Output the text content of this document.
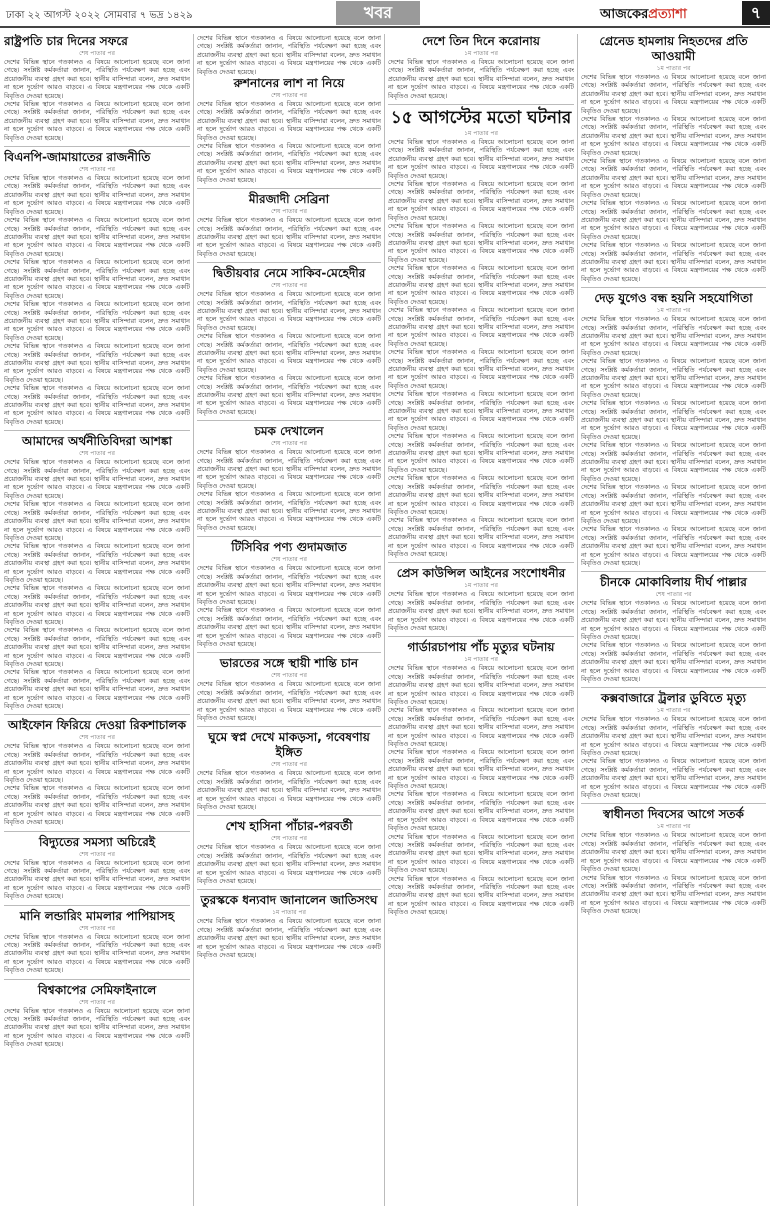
ঢাকা ২২ আগস্ট ২০২২ সোমবার ৭ ভদ্র ১৪২৯	খবর	আজকেরপ্রত্যাশা	৭
রাষ্ট্রপতি চার দিনের সফরে
শেষ পাতার পর
দেশের বিভিন্ন স্থানে গতকালও এ বিষয়ে আলোচনা হয়েছে বলে জানা গেছে। সংশ্লিষ্ট কর্মকর্তারা জানান, পরিস্থিতি পর্যবেক্ষণ করা হচ্ছে এবং প্রয়োজনীয় ব্যবস্থা গ্রহণ করা হবে। স্থানীয় বাসিন্দারা বলেন, দ্রুত সমাধান না হলে দুর্ভোগ আরও বাড়বে। এ বিষয়ে মন্ত্রণালয়ের পক্ষ থেকে একটি বিবৃতিও দেওয়া হয়েছে।
দেশের বিভিন্ন স্থানে গতকালও এ বিষয়ে আলোচনা হয়েছে বলে জানা গেছে। সংশ্লিষ্ট কর্মকর্তারা জানান, পরিস্থিতি পর্যবেক্ষণ করা হচ্ছে এবং প্রয়োজনীয় ব্যবস্থা গ্রহণ করা হবে। স্থানীয় বাসিন্দারা বলেন, দ্রুত সমাধান না হলে দুর্ভোগ আরও বাড়বে। এ বিষয়ে মন্ত্রণালয়ের পক্ষ থেকে একটি বিবৃতিও দেওয়া হয়েছে।
বিএনপি-জামায়াতের রাজনীতি
শেষ পাতার পর
দেশের বিভিন্ন স্থানে গতকালও এ বিষয়ে আলোচনা হয়েছে বলে জানা গেছে। সংশ্লিষ্ট কর্মকর্তারা জানান, পরিস্থিতি পর্যবেক্ষণ করা হচ্ছে এবং প্রয়োজনীয় ব্যবস্থা গ্রহণ করা হবে। স্থানীয় বাসিন্দারা বলেন, দ্রুত সমাধান না হলে দুর্ভোগ আরও বাড়বে। এ বিষয়ে মন্ত্রণালয়ের পক্ষ থেকে একটি বিবৃতিও দেওয়া হয়েছে।
দেশের বিভিন্ন স্থানে গতকালও এ বিষয়ে আলোচনা হয়েছে বলে জানা গেছে। সংশ্লিষ্ট কর্মকর্তারা জানান, পরিস্থিতি পর্যবেক্ষণ করা হচ্ছে এবং প্রয়োজনীয় ব্যবস্থা গ্রহণ করা হবে। স্থানীয় বাসিন্দারা বলেন, দ্রুত সমাধান না হলে দুর্ভোগ আরও বাড়বে। এ বিষয়ে মন্ত্রণালয়ের পক্ষ থেকে একটি বিবৃতিও দেওয়া হয়েছে।
দেশের বিভিন্ন স্থানে গতকালও এ বিষয়ে আলোচনা হয়েছে বলে জানা গেছে। সংশ্লিষ্ট কর্মকর্তারা জানান, পরিস্থিতি পর্যবেক্ষণ করা হচ্ছে এবং প্রয়োজনীয় ব্যবস্থা গ্রহণ করা হবে। স্থানীয় বাসিন্দারা বলেন, দ্রুত সমাধান না হলে দুর্ভোগ আরও বাড়বে। এ বিষয়ে মন্ত্রণালয়ের পক্ষ থেকে একটি বিবৃতিও দেওয়া হয়েছে।
দেশের বিভিন্ন স্থানে গতকালও এ বিষয়ে আলোচনা হয়েছে বলে জানা গেছে। সংশ্লিষ্ট কর্মকর্তারা জানান, পরিস্থিতি পর্যবেক্ষণ করা হচ্ছে এবং প্রয়োজনীয় ব্যবস্থা গ্রহণ করা হবে। স্থানীয় বাসিন্দারা বলেন, দ্রুত সমাধান না হলে দুর্ভোগ আরও বাড়বে। এ বিষয়ে মন্ত্রণালয়ের পক্ষ থেকে একটি বিবৃতিও দেওয়া হয়েছে।
দেশের বিভিন্ন স্থানে গতকালও এ বিষয়ে আলোচনা হয়েছে বলে জানা গেছে। সংশ্লিষ্ট কর্মকর্তারা জানান, পরিস্থিতি পর্যবেক্ষণ করা হচ্ছে এবং প্রয়োজনীয় ব্যবস্থা গ্রহণ করা হবে। স্থানীয় বাসিন্দারা বলেন, দ্রুত সমাধান না হলে দুর্ভোগ আরও বাড়বে। এ বিষয়ে মন্ত্রণালয়ের পক্ষ থেকে একটি বিবৃতিও দেওয়া হয়েছে।
দেশের বিভিন্ন স্থানে গতকালও এ বিষয়ে আলোচনা হয়েছে বলে জানা গেছে। সংশ্লিষ্ট কর্মকর্তারা জানান, পরিস্থিতি পর্যবেক্ষণ করা হচ্ছে এবং প্রয়োজনীয় ব্যবস্থা গ্রহণ করা হবে। স্থানীয় বাসিন্দারা বলেন, দ্রুত সমাধান না হলে দুর্ভোগ আরও বাড়বে। এ বিষয়ে মন্ত্রণালয়ের পক্ষ থেকে একটি বিবৃতিও দেওয়া হয়েছে।
আমাদের অর্থনীতিবিদরা আশঙ্কা
শেষ পাতার পর
দেশের বিভিন্ন স্থানে গতকালও এ বিষয়ে আলোচনা হয়েছে বলে জানা গেছে। সংশ্লিষ্ট কর্মকর্তারা জানান, পরিস্থিতি পর্যবেক্ষণ করা হচ্ছে এবং প্রয়োজনীয় ব্যবস্থা গ্রহণ করা হবে। স্থানীয় বাসিন্দারা বলেন, দ্রুত সমাধান না হলে দুর্ভোগ আরও বাড়বে। এ বিষয়ে মন্ত্রণালয়ের পক্ষ থেকে একটি বিবৃতিও দেওয়া হয়েছে।
দেশের বিভিন্ন স্থানে গতকালও এ বিষয়ে আলোচনা হয়েছে বলে জানা গেছে। সংশ্লিষ্ট কর্মকর্তারা জানান, পরিস্থিতি পর্যবেক্ষণ করা হচ্ছে এবং প্রয়োজনীয় ব্যবস্থা গ্রহণ করা হবে। স্থানীয় বাসিন্দারা বলেন, দ্রুত সমাধান না হলে দুর্ভোগ আরও বাড়বে। এ বিষয়ে মন্ত্রণালয়ের পক্ষ থেকে একটি বিবৃতিও দেওয়া হয়েছে।
দেশের বিভিন্ন স্থানে গতকালও এ বিষয়ে আলোচনা হয়েছে বলে জানা গেছে। সংশ্লিষ্ট কর্মকর্তারা জানান, পরিস্থিতি পর্যবেক্ষণ করা হচ্ছে এবং প্রয়োজনীয় ব্যবস্থা গ্রহণ করা হবে। স্থানীয় বাসিন্দারা বলেন, দ্রুত সমাধান না হলে দুর্ভোগ আরও বাড়বে। এ বিষয়ে মন্ত্রণালয়ের পক্ষ থেকে একটি বিবৃতিও দেওয়া হয়েছে।
দেশের বিভিন্ন স্থানে গতকালও এ বিষয়ে আলোচনা হয়েছে বলে জানা গেছে। সংশ্লিষ্ট কর্মকর্তারা জানান, পরিস্থিতি পর্যবেক্ষণ করা হচ্ছে এবং প্রয়োজনীয় ব্যবস্থা গ্রহণ করা হবে। স্থানীয় বাসিন্দারা বলেন, দ্রুত সমাধান না হলে দুর্ভোগ আরও বাড়বে। এ বিষয়ে মন্ত্রণালয়ের পক্ষ থেকে একটি বিবৃতিও দেওয়া হয়েছে।
দেশের বিভিন্ন স্থানে গতকালও এ বিষয়ে আলোচনা হয়েছে বলে জানা গেছে। সংশ্লিষ্ট কর্মকর্তারা জানান, পরিস্থিতি পর্যবেক্ষণ করা হচ্ছে এবং প্রয়োজনীয় ব্যবস্থা গ্রহণ করা হবে। স্থানীয় বাসিন্দারা বলেন, দ্রুত সমাধান না হলে দুর্ভোগ আরও বাড়বে। এ বিষয়ে মন্ত্রণালয়ের পক্ষ থেকে একটি বিবৃতিও দেওয়া হয়েছে।
দেশের বিভিন্ন স্থানে গতকালও এ বিষয়ে আলোচনা হয়েছে বলে জানা গেছে। সংশ্লিষ্ট কর্মকর্তারা জানান, পরিস্থিতি পর্যবেক্ষণ করা হচ্ছে এবং প্রয়োজনীয় ব্যবস্থা গ্রহণ করা হবে। স্থানীয় বাসিন্দারা বলেন, দ্রুত সমাধান না হলে দুর্ভোগ আরও বাড়বে। এ বিষয়ে মন্ত্রণালয়ের পক্ষ থেকে একটি বিবৃতিও দেওয়া হয়েছে।
আইফোন ফিরিয়ে দেওয়া রিকশাচালক
শেষ পাতার পর
দেশের বিভিন্ন স্থানে গতকালও এ বিষয়ে আলোচনা হয়েছে বলে জানা গেছে। সংশ্লিষ্ট কর্মকর্তারা জানান, পরিস্থিতি পর্যবেক্ষণ করা হচ্ছে এবং প্রয়োজনীয় ব্যবস্থা গ্রহণ করা হবে। স্থানীয় বাসিন্দারা বলেন, দ্রুত সমাধান না হলে দুর্ভোগ আরও বাড়বে। এ বিষয়ে মন্ত্রণালয়ের পক্ষ থেকে একটি বিবৃতিও দেওয়া হয়েছে।
দেশের বিভিন্ন স্থানে গতকালও এ বিষয়ে আলোচনা হয়েছে বলে জানা গেছে। সংশ্লিষ্ট কর্মকর্তারা জানান, পরিস্থিতি পর্যবেক্ষণ করা হচ্ছে এবং প্রয়োজনীয় ব্যবস্থা গ্রহণ করা হবে। স্থানীয় বাসিন্দারা বলেন, দ্রুত সমাধান না হলে দুর্ভোগ আরও বাড়বে। এ বিষয়ে মন্ত্রণালয়ের পক্ষ থেকে একটি বিবৃতিও দেওয়া হয়েছে।
বিদ্যুতের সমস্যা অচিরেই
শেষ পাতার পর
দেশের বিভিন্ন স্থানে গতকালও এ বিষয়ে আলোচনা হয়েছে বলে জানা গেছে। সংশ্লিষ্ট কর্মকর্তারা জানান, পরিস্থিতি পর্যবেক্ষণ করা হচ্ছে এবং প্রয়োজনীয় ব্যবস্থা গ্রহণ করা হবে। স্থানীয় বাসিন্দারা বলেন, দ্রুত সমাধান না হলে দুর্ভোগ আরও বাড়বে। এ বিষয়ে মন্ত্রণালয়ের পক্ষ থেকে একটি বিবৃতিও দেওয়া হয়েছে।
মানি লন্ডারিং মামলার পাপিয়াসহ
শেষ পাতার পর
দেশের বিভিন্ন স্থানে গতকালও এ বিষয়ে আলোচনা হয়েছে বলে জানা গেছে। সংশ্লিষ্ট কর্মকর্তারা জানান, পরিস্থিতি পর্যবেক্ষণ করা হচ্ছে এবং প্রয়োজনীয় ব্যবস্থা গ্রহণ করা হবে। স্থানীয় বাসিন্দারা বলেন, দ্রুত সমাধান না হলে দুর্ভোগ আরও বাড়বে। এ বিষয়ে মন্ত্রণালয়ের পক্ষ থেকে একটি বিবৃতিও দেওয়া হয়েছে।
বিশ্বকাপের সেমিফাইনালে
শেষ পাতার পর
দেশের বিভিন্ন স্থানে গতকালও এ বিষয়ে আলোচনা হয়েছে বলে জানা গেছে। সংশ্লিষ্ট কর্মকর্তারা জানান, পরিস্থিতি পর্যবেক্ষণ করা হচ্ছে এবং প্রয়োজনীয় ব্যবস্থা গ্রহণ করা হবে। স্থানীয় বাসিন্দারা বলেন, দ্রুত সমাধান না হলে দুর্ভোগ আরও বাড়বে। এ বিষয়ে মন্ত্রণালয়ের পক্ষ থেকে একটি বিবৃতিও দেওয়া হয়েছে।
দেশের বিভিন্ন স্থানে গতকালও এ বিষয়ে আলোচনা হয়েছে বলে জানা গেছে। সংশ্লিষ্ট কর্মকর্তারা জানান, পরিস্থিতি পর্যবেক্ষণ করা হচ্ছে এবং প্রয়োজনীয় ব্যবস্থা গ্রহণ করা হবে। স্থানীয় বাসিন্দারা বলেন, দ্রুত সমাধান না হলে দুর্ভোগ আরও বাড়বে। এ বিষয়ে মন্ত্রণালয়ের পক্ষ থেকে একটি বিবৃতিও দেওয়া হয়েছে।
রুশনানের লাশ না নিয়ে
শেষ পাতার পর
দেশের বিভিন্ন স্থানে গতকালও এ বিষয়ে আলোচনা হয়েছে বলে জানা গেছে। সংশ্লিষ্ট কর্মকর্তারা জানান, পরিস্থিতি পর্যবেক্ষণ করা হচ্ছে এবং প্রয়োজনীয় ব্যবস্থা গ্রহণ করা হবে। স্থানীয় বাসিন্দারা বলেন, দ্রুত সমাধান না হলে দুর্ভোগ আরও বাড়বে। এ বিষয়ে মন্ত্রণালয়ের পক্ষ থেকে একটি বিবৃতিও দেওয়া হয়েছে।
দেশের বিভিন্ন স্থানে গতকালও এ বিষয়ে আলোচনা হয়েছে বলে জানা গেছে। সংশ্লিষ্ট কর্মকর্তারা জানান, পরিস্থিতি পর্যবেক্ষণ করা হচ্ছে এবং প্রয়োজনীয় ব্যবস্থা গ্রহণ করা হবে। স্থানীয় বাসিন্দারা বলেন, দ্রুত সমাধান না হলে দুর্ভোগ আরও বাড়বে। এ বিষয়ে মন্ত্রণালয়ের পক্ষ থেকে একটি বিবৃতিও দেওয়া হয়েছে।
মীরজাদী সেব্রিনা
শেষ পাতার পর
দেশের বিভিন্ন স্থানে গতকালও এ বিষয়ে আলোচনা হয়েছে বলে জানা গেছে। সংশ্লিষ্ট কর্মকর্তারা জানান, পরিস্থিতি পর্যবেক্ষণ করা হচ্ছে এবং প্রয়োজনীয় ব্যবস্থা গ্রহণ করা হবে। স্থানীয় বাসিন্দারা বলেন, দ্রুত সমাধান না হলে দুর্ভোগ আরও বাড়বে। এ বিষয়ে মন্ত্রণালয়ের পক্ষ থেকে একটি বিবৃতিও দেওয়া হয়েছে।
দ্বিতীয়বার নেমে সাকিব-মেহেদীর
শেষ পাতার পর
দেশের বিভিন্ন স্থানে গতকালও এ বিষয়ে আলোচনা হয়েছে বলে জানা গেছে। সংশ্লিষ্ট কর্মকর্তারা জানান, পরিস্থিতি পর্যবেক্ষণ করা হচ্ছে এবং প্রয়োজনীয় ব্যবস্থা গ্রহণ করা হবে। স্থানীয় বাসিন্দারা বলেন, দ্রুত সমাধান না হলে দুর্ভোগ আরও বাড়বে। এ বিষয়ে মন্ত্রণালয়ের পক্ষ থেকে একটি বিবৃতিও দেওয়া হয়েছে।
দেশের বিভিন্ন স্থানে গতকালও এ বিষয়ে আলোচনা হয়েছে বলে জানা গেছে। সংশ্লিষ্ট কর্মকর্তারা জানান, পরিস্থিতি পর্যবেক্ষণ করা হচ্ছে এবং প্রয়োজনীয় ব্যবস্থা গ্রহণ করা হবে। স্থানীয় বাসিন্দারা বলেন, দ্রুত সমাধান না হলে দুর্ভোগ আরও বাড়বে। এ বিষয়ে মন্ত্রণালয়ের পক্ষ থেকে একটি বিবৃতিও দেওয়া হয়েছে।
দেশের বিভিন্ন স্থানে গতকালও এ বিষয়ে আলোচনা হয়েছে বলে জানা গেছে। সংশ্লিষ্ট কর্মকর্তারা জানান, পরিস্থিতি পর্যবেক্ষণ করা হচ্ছে এবং প্রয়োজনীয় ব্যবস্থা গ্রহণ করা হবে। স্থানীয় বাসিন্দারা বলেন, দ্রুত সমাধান না হলে দুর্ভোগ আরও বাড়বে। এ বিষয়ে মন্ত্রণালয়ের পক্ষ থেকে একটি বিবৃতিও দেওয়া হয়েছে।
চমক দেখালেন
শেষ পাতার পর
দেশের বিভিন্ন স্থানে গতকালও এ বিষয়ে আলোচনা হয়েছে বলে জানা গেছে। সংশ্লিষ্ট কর্মকর্তারা জানান, পরিস্থিতি পর্যবেক্ষণ করা হচ্ছে এবং প্রয়োজনীয় ব্যবস্থা গ্রহণ করা হবে। স্থানীয় বাসিন্দারা বলেন, দ্রুত সমাধান না হলে দুর্ভোগ আরও বাড়বে। এ বিষয়ে মন্ত্রণালয়ের পক্ষ থেকে একটি বিবৃতিও দেওয়া হয়েছে।
দেশের বিভিন্ন স্থানে গতকালও এ বিষয়ে আলোচনা হয়েছে বলে জানা গেছে। সংশ্লিষ্ট কর্মকর্তারা জানান, পরিস্থিতি পর্যবেক্ষণ করা হচ্ছে এবং প্রয়োজনীয় ব্যবস্থা গ্রহণ করা হবে। স্থানীয় বাসিন্দারা বলেন, দ্রুত সমাধান না হলে দুর্ভোগ আরও বাড়বে। এ বিষয়ে মন্ত্রণালয়ের পক্ষ থেকে একটি বিবৃতিও দেওয়া হয়েছে।
টিসিবির পণ্য গুদামজাত
শেষ পাতার পর
দেশের বিভিন্ন স্থানে গতকালও এ বিষয়ে আলোচনা হয়েছে বলে জানা গেছে। সংশ্লিষ্ট কর্মকর্তারা জানান, পরিস্থিতি পর্যবেক্ষণ করা হচ্ছে এবং প্রয়োজনীয় ব্যবস্থা গ্রহণ করা হবে। স্থানীয় বাসিন্দারা বলেন, দ্রুত সমাধান না হলে দুর্ভোগ আরও বাড়বে। এ বিষয়ে মন্ত্রণালয়ের পক্ষ থেকে একটি বিবৃতিও দেওয়া হয়েছে।
দেশের বিভিন্ন স্থানে গতকালও এ বিষয়ে আলোচনা হয়েছে বলে জানা গেছে। সংশ্লিষ্ট কর্মকর্তারা জানান, পরিস্থিতি পর্যবেক্ষণ করা হচ্ছে এবং প্রয়োজনীয় ব্যবস্থা গ্রহণ করা হবে। স্থানীয় বাসিন্দারা বলেন, দ্রুত সমাধান না হলে দুর্ভোগ আরও বাড়বে। এ বিষয়ে মন্ত্রণালয়ের পক্ষ থেকে একটি বিবৃতিও দেওয়া হয়েছে।
ভারতের সঙ্গে স্থায়ী শান্তি চান
শেষ পাতার পর
দেশের বিভিন্ন স্থানে গতকালও এ বিষয়ে আলোচনা হয়েছে বলে জানা গেছে। সংশ্লিষ্ট কর্মকর্তারা জানান, পরিস্থিতি পর্যবেক্ষণ করা হচ্ছে এবং প্রয়োজনীয় ব্যবস্থা গ্রহণ করা হবে। স্থানীয় বাসিন্দারা বলেন, দ্রুত সমাধান না হলে দুর্ভোগ আরও বাড়বে। এ বিষয়ে মন্ত্রণালয়ের পক্ষ থেকে একটি বিবৃতিও দেওয়া হয়েছে।
ঘুমে স্বপ্ন দেখে মাকড়সা, গবেষণায় ইঙ্গিত
শেষ পাতার পর
দেশের বিভিন্ন স্থানে গতকালও এ বিষয়ে আলোচনা হয়েছে বলে জানা গেছে। সংশ্লিষ্ট কর্মকর্তারা জানান, পরিস্থিতি পর্যবেক্ষণ করা হচ্ছে এবং প্রয়োজনীয় ব্যবস্থা গ্রহণ করা হবে। স্থানীয় বাসিন্দারা বলেন, দ্রুত সমাধান না হলে দুর্ভোগ আরও বাড়বে। এ বিষয়ে মন্ত্রণালয়ের পক্ষ থেকে একটি বিবৃতিও দেওয়া হয়েছে।
শেখ হাসিনা পাঁচার-পরবর্তী
শেষ পাতার পর
দেশের বিভিন্ন স্থানে গতকালও এ বিষয়ে আলোচনা হয়েছে বলে জানা গেছে। সংশ্লিষ্ট কর্মকর্তারা জানান, পরিস্থিতি পর্যবেক্ষণ করা হচ্ছে এবং প্রয়োজনীয় ব্যবস্থা গ্রহণ করা হবে। স্থানীয় বাসিন্দারা বলেন, দ্রুত সমাধান না হলে দুর্ভোগ আরও বাড়বে। এ বিষয়ে মন্ত্রণালয়ের পক্ষ থেকে একটি বিবৃতিও দেওয়া হয়েছে।
তুরস্ককে ধন্যবাদ জানালেন জাতিসংঘ
১ম পাতার পর
দেশের বিভিন্ন স্থানে গতকালও এ বিষয়ে আলোচনা হয়েছে বলে জানা গেছে। সংশ্লিষ্ট কর্মকর্তারা জানান, পরিস্থিতি পর্যবেক্ষণ করা হচ্ছে এবং প্রয়োজনীয় ব্যবস্থা গ্রহণ করা হবে। স্থানীয় বাসিন্দারা বলেন, দ্রুত সমাধান না হলে দুর্ভোগ আরও বাড়বে। এ বিষয়ে মন্ত্রণালয়ের পক্ষ থেকে একটি বিবৃতিও দেওয়া হয়েছে।
দেশে তিন দিনে করোনায়
১ম পাতার পর
দেশের বিভিন্ন স্থানে গতকালও এ বিষয়ে আলোচনা হয়েছে বলে জানা গেছে। সংশ্লিষ্ট কর্মকর্তারা জানান, পরিস্থিতি পর্যবেক্ষণ করা হচ্ছে এবং প্রয়োজনীয় ব্যবস্থা গ্রহণ করা হবে। স্থানীয় বাসিন্দারা বলেন, দ্রুত সমাধান না হলে দুর্ভোগ আরও বাড়বে। এ বিষয়ে মন্ত্রণালয়ের পক্ষ থেকে একটি বিবৃতিও দেওয়া হয়েছে।
১৫ আগস্টের মতো ঘটনার
১ম পাতার পর
দেশের বিভিন্ন স্থানে গতকালও এ বিষয়ে আলোচনা হয়েছে বলে জানা গেছে। সংশ্লিষ্ট কর্মকর্তারা জানান, পরিস্থিতি পর্যবেক্ষণ করা হচ্ছে এবং প্রয়োজনীয় ব্যবস্থা গ্রহণ করা হবে। স্থানীয় বাসিন্দারা বলেন, দ্রুত সমাধান না হলে দুর্ভোগ আরও বাড়বে। এ বিষয়ে মন্ত্রণালয়ের পক্ষ থেকে একটি বিবৃতিও দেওয়া হয়েছে।
দেশের বিভিন্ন স্থানে গতকালও এ বিষয়ে আলোচনা হয়েছে বলে জানা গেছে। সংশ্লিষ্ট কর্মকর্তারা জানান, পরিস্থিতি পর্যবেক্ষণ করা হচ্ছে এবং প্রয়োজনীয় ব্যবস্থা গ্রহণ করা হবে। স্থানীয় বাসিন্দারা বলেন, দ্রুত সমাধান না হলে দুর্ভোগ আরও বাড়বে। এ বিষয়ে মন্ত্রণালয়ের পক্ষ থেকে একটি বিবৃতিও দেওয়া হয়েছে।
দেশের বিভিন্ন স্থানে গতকালও এ বিষয়ে আলোচনা হয়েছে বলে জানা গেছে। সংশ্লিষ্ট কর্মকর্তারা জানান, পরিস্থিতি পর্যবেক্ষণ করা হচ্ছে এবং প্রয়োজনীয় ব্যবস্থা গ্রহণ করা হবে। স্থানীয় বাসিন্দারা বলেন, দ্রুত সমাধান না হলে দুর্ভোগ আরও বাড়বে। এ বিষয়ে মন্ত্রণালয়ের পক্ষ থেকে একটি বিবৃতিও দেওয়া হয়েছে।
দেশের বিভিন্ন স্থানে গতকালও এ বিষয়ে আলোচনা হয়েছে বলে জানা গেছে। সংশ্লিষ্ট কর্মকর্তারা জানান, পরিস্থিতি পর্যবেক্ষণ করা হচ্ছে এবং প্রয়োজনীয় ব্যবস্থা গ্রহণ করা হবে। স্থানীয় বাসিন্দারা বলেন, দ্রুত সমাধান না হলে দুর্ভোগ আরও বাড়বে। এ বিষয়ে মন্ত্রণালয়ের পক্ষ থেকে একটি বিবৃতিও দেওয়া হয়েছে।
দেশের বিভিন্ন স্থানে গতকালও এ বিষয়ে আলোচনা হয়েছে বলে জানা গেছে। সংশ্লিষ্ট কর্মকর্তারা জানান, পরিস্থিতি পর্যবেক্ষণ করা হচ্ছে এবং প্রয়োজনীয় ব্যবস্থা গ্রহণ করা হবে। স্থানীয় বাসিন্দারা বলেন, দ্রুত সমাধান না হলে দুর্ভোগ আরও বাড়বে। এ বিষয়ে মন্ত্রণালয়ের পক্ষ থেকে একটি বিবৃতিও দেওয়া হয়েছে।
দেশের বিভিন্ন স্থানে গতকালও এ বিষয়ে আলোচনা হয়েছে বলে জানা গেছে। সংশ্লিষ্ট কর্মকর্তারা জানান, পরিস্থিতি পর্যবেক্ষণ করা হচ্ছে এবং প্রয়োজনীয় ব্যবস্থা গ্রহণ করা হবে। স্থানীয় বাসিন্দারা বলেন, দ্রুত সমাধান না হলে দুর্ভোগ আরও বাড়বে। এ বিষয়ে মন্ত্রণালয়ের পক্ষ থেকে একটি বিবৃতিও দেওয়া হয়েছে।
দেশের বিভিন্ন স্থানে গতকালও এ বিষয়ে আলোচনা হয়েছে বলে জানা গেছে। সংশ্লিষ্ট কর্মকর্তারা জানান, পরিস্থিতি পর্যবেক্ষণ করা হচ্ছে এবং প্রয়োজনীয় ব্যবস্থা গ্রহণ করা হবে। স্থানীয় বাসিন্দারা বলেন, দ্রুত সমাধান না হলে দুর্ভোগ আরও বাড়বে। এ বিষয়ে মন্ত্রণালয়ের পক্ষ থেকে একটি বিবৃতিও দেওয়া হয়েছে।
দেশের বিভিন্ন স্থানে গতকালও এ বিষয়ে আলোচনা হয়েছে বলে জানা গেছে। সংশ্লিষ্ট কর্মকর্তারা জানান, পরিস্থিতি পর্যবেক্ষণ করা হচ্ছে এবং প্রয়োজনীয় ব্যবস্থা গ্রহণ করা হবে। স্থানীয় বাসিন্দারা বলেন, দ্রুত সমাধান না হলে দুর্ভোগ আরও বাড়বে। এ বিষয়ে মন্ত্রণালয়ের পক্ষ থেকে একটি বিবৃতিও দেওয়া হয়েছে।
দেশের বিভিন্ন স্থানে গতকালও এ বিষয়ে আলোচনা হয়েছে বলে জানা গেছে। সংশ্লিষ্ট কর্মকর্তারা জানান, পরিস্থিতি পর্যবেক্ষণ করা হচ্ছে এবং প্রয়োজনীয় ব্যবস্থা গ্রহণ করা হবে। স্থানীয় বাসিন্দারা বলেন, দ্রুত সমাধান না হলে দুর্ভোগ আরও বাড়বে। এ বিষয়ে মন্ত্রণালয়ের পক্ষ থেকে একটি বিবৃতিও দেওয়া হয়েছে।
দেশের বিভিন্ন স্থানে গতকালও এ বিষয়ে আলোচনা হয়েছে বলে জানা গেছে। সংশ্লিষ্ট কর্মকর্তারা জানান, পরিস্থিতি পর্যবেক্ষণ করা হচ্ছে এবং প্রয়োজনীয় ব্যবস্থা গ্রহণ করা হবে। স্থানীয় বাসিন্দারা বলেন, দ্রুত সমাধান না হলে দুর্ভোগ আরও বাড়বে। এ বিষয়ে মন্ত্রণালয়ের পক্ষ থেকে একটি বিবৃতিও দেওয়া হয়েছে।
প্রেস কাউন্সিল আইনের সংশোধনীর
১ম পাতার পর
দেশের বিভিন্ন স্থানে গতকালও এ বিষয়ে আলোচনা হয়েছে বলে জানা গেছে। সংশ্লিষ্ট কর্মকর্তারা জানান, পরিস্থিতি পর্যবেক্ষণ করা হচ্ছে এবং প্রয়োজনীয় ব্যবস্থা গ্রহণ করা হবে। স্থানীয় বাসিন্দারা বলেন, দ্রুত সমাধান না হলে দুর্ভোগ আরও বাড়বে। এ বিষয়ে মন্ত্রণালয়ের পক্ষ থেকে একটি বিবৃতিও দেওয়া হয়েছে।
গার্ডারচাপায় পাঁচ মৃত্যুর ঘটনায়
১ম পাতার পর
দেশের বিভিন্ন স্থানে গতকালও এ বিষয়ে আলোচনা হয়েছে বলে জানা গেছে। সংশ্লিষ্ট কর্মকর্তারা জানান, পরিস্থিতি পর্যবেক্ষণ করা হচ্ছে এবং প্রয়োজনীয় ব্যবস্থা গ্রহণ করা হবে। স্থানীয় বাসিন্দারা বলেন, দ্রুত সমাধান না হলে দুর্ভোগ আরও বাড়বে। এ বিষয়ে মন্ত্রণালয়ের পক্ষ থেকে একটি বিবৃতিও দেওয়া হয়েছে।
দেশের বিভিন্ন স্থানে গতকালও এ বিষয়ে আলোচনা হয়েছে বলে জানা গেছে। সংশ্লিষ্ট কর্মকর্তারা জানান, পরিস্থিতি পর্যবেক্ষণ করা হচ্ছে এবং প্রয়োজনীয় ব্যবস্থা গ্রহণ করা হবে। স্থানীয় বাসিন্দারা বলেন, দ্রুত সমাধান না হলে দুর্ভোগ আরও বাড়বে। এ বিষয়ে মন্ত্রণালয়ের পক্ষ থেকে একটি বিবৃতিও দেওয়া হয়েছে।
দেশের বিভিন্ন স্থানে গতকালও এ বিষয়ে আলোচনা হয়েছে বলে জানা গেছে। সংশ্লিষ্ট কর্মকর্তারা জানান, পরিস্থিতি পর্যবেক্ষণ করা হচ্ছে এবং প্রয়োজনীয় ব্যবস্থা গ্রহণ করা হবে। স্থানীয় বাসিন্দারা বলেন, দ্রুত সমাধান না হলে দুর্ভোগ আরও বাড়বে। এ বিষয়ে মন্ত্রণালয়ের পক্ষ থেকে একটি বিবৃতিও দেওয়া হয়েছে।
দেশের বিভিন্ন স্থানে গতকালও এ বিষয়ে আলোচনা হয়েছে বলে জানা গেছে। সংশ্লিষ্ট কর্মকর্তারা জানান, পরিস্থিতি পর্যবেক্ষণ করা হচ্ছে এবং প্রয়োজনীয় ব্যবস্থা গ্রহণ করা হবে। স্থানীয় বাসিন্দারা বলেন, দ্রুত সমাধান না হলে দুর্ভোগ আরও বাড়বে। এ বিষয়ে মন্ত্রণালয়ের পক্ষ থেকে একটি বিবৃতিও দেওয়া হয়েছে।
দেশের বিভিন্ন স্থানে গতকালও এ বিষয়ে আলোচনা হয়েছে বলে জানা গেছে। সংশ্লিষ্ট কর্মকর্তারা জানান, পরিস্থিতি পর্যবেক্ষণ করা হচ্ছে এবং প্রয়োজনীয় ব্যবস্থা গ্রহণ করা হবে। স্থানীয় বাসিন্দারা বলেন, দ্রুত সমাধান না হলে দুর্ভোগ আরও বাড়বে। এ বিষয়ে মন্ত্রণালয়ের পক্ষ থেকে একটি বিবৃতিও দেওয়া হয়েছে।
দেশের বিভিন্ন স্থানে গতকালও এ বিষয়ে আলোচনা হয়েছে বলে জানা গেছে। সংশ্লিষ্ট কর্মকর্তারা জানান, পরিস্থিতি পর্যবেক্ষণ করা হচ্ছে এবং প্রয়োজনীয় ব্যবস্থা গ্রহণ করা হবে। স্থানীয় বাসিন্দারা বলেন, দ্রুত সমাধান না হলে দুর্ভোগ আরও বাড়বে। এ বিষয়ে মন্ত্রণালয়ের পক্ষ থেকে একটি বিবৃতিও দেওয়া হয়েছে।
গ্রেনেড হামলায় নিহতদের প্রতি আওয়ামী
১ম পাতার পর
দেশের বিভিন্ন স্থানে গতকালও এ বিষয়ে আলোচনা হয়েছে বলে জানা গেছে। সংশ্লিষ্ট কর্মকর্তারা জানান, পরিস্থিতি পর্যবেক্ষণ করা হচ্ছে এবং প্রয়োজনীয় ব্যবস্থা গ্রহণ করা হবে। স্থানীয় বাসিন্দারা বলেন, দ্রুত সমাধান না হলে দুর্ভোগ আরও বাড়বে। এ বিষয়ে মন্ত্রণালয়ের পক্ষ থেকে একটি বিবৃতিও দেওয়া হয়েছে।
দেশের বিভিন্ন স্থানে গতকালও এ বিষয়ে আলোচনা হয়েছে বলে জানা গেছে। সংশ্লিষ্ট কর্মকর্তারা জানান, পরিস্থিতি পর্যবেক্ষণ করা হচ্ছে এবং প্রয়োজনীয় ব্যবস্থা গ্রহণ করা হবে। স্থানীয় বাসিন্দারা বলেন, দ্রুত সমাধান না হলে দুর্ভোগ আরও বাড়বে। এ বিষয়ে মন্ত্রণালয়ের পক্ষ থেকে একটি বিবৃতিও দেওয়া হয়েছে।
দেশের বিভিন্ন স্থানে গতকালও এ বিষয়ে আলোচনা হয়েছে বলে জানা গেছে। সংশ্লিষ্ট কর্মকর্তারা জানান, পরিস্থিতি পর্যবেক্ষণ করা হচ্ছে এবং প্রয়োজনীয় ব্যবস্থা গ্রহণ করা হবে। স্থানীয় বাসিন্দারা বলেন, দ্রুত সমাধান না হলে দুর্ভোগ আরও বাড়বে। এ বিষয়ে মন্ত্রণালয়ের পক্ষ থেকে একটি বিবৃতিও দেওয়া হয়েছে।
দেশের বিভিন্ন স্থানে গতকালও এ বিষয়ে আলোচনা হয়েছে বলে জানা গেছে। সংশ্লিষ্ট কর্মকর্তারা জানান, পরিস্থিতি পর্যবেক্ষণ করা হচ্ছে এবং প্রয়োজনীয় ব্যবস্থা গ্রহণ করা হবে। স্থানীয় বাসিন্দারা বলেন, দ্রুত সমাধান না হলে দুর্ভোগ আরও বাড়বে। এ বিষয়ে মন্ত্রণালয়ের পক্ষ থেকে একটি বিবৃতিও দেওয়া হয়েছে।
দেশের বিভিন্ন স্থানে গতকালও এ বিষয়ে আলোচনা হয়েছে বলে জানা গেছে। সংশ্লিষ্ট কর্মকর্তারা জানান, পরিস্থিতি পর্যবেক্ষণ করা হচ্ছে এবং প্রয়োজনীয় ব্যবস্থা গ্রহণ করা হবে। স্থানীয় বাসিন্দারা বলেন, দ্রুত সমাধান না হলে দুর্ভোগ আরও বাড়বে। এ বিষয়ে মন্ত্রণালয়ের পক্ষ থেকে একটি বিবৃতিও দেওয়া হয়েছে।
দেড় যুগেও বন্ধ হয়নি সহযোগিতা
১ম পাতার পর
দেশের বিভিন্ন স্থানে গতকালও এ বিষয়ে আলোচনা হয়েছে বলে জানা গেছে। সংশ্লিষ্ট কর্মকর্তারা জানান, পরিস্থিতি পর্যবেক্ষণ করা হচ্ছে এবং প্রয়োজনীয় ব্যবস্থা গ্রহণ করা হবে। স্থানীয় বাসিন্দারা বলেন, দ্রুত সমাধান না হলে দুর্ভোগ আরও বাড়বে। এ বিষয়ে মন্ত্রণালয়ের পক্ষ থেকে একটি বিবৃতিও দেওয়া হয়েছে।
দেশের বিভিন্ন স্থানে গতকালও এ বিষয়ে আলোচনা হয়েছে বলে জানা গেছে। সংশ্লিষ্ট কর্মকর্তারা জানান, পরিস্থিতি পর্যবেক্ষণ করা হচ্ছে এবং প্রয়োজনীয় ব্যবস্থা গ্রহণ করা হবে। স্থানীয় বাসিন্দারা বলেন, দ্রুত সমাধান না হলে দুর্ভোগ আরও বাড়বে। এ বিষয়ে মন্ত্রণালয়ের পক্ষ থেকে একটি বিবৃতিও দেওয়া হয়েছে।
দেশের বিভিন্ন স্থানে গতকালও এ বিষয়ে আলোচনা হয়েছে বলে জানা গেছে। সংশ্লিষ্ট কর্মকর্তারা জানান, পরিস্থিতি পর্যবেক্ষণ করা হচ্ছে এবং প্রয়োজনীয় ব্যবস্থা গ্রহণ করা হবে। স্থানীয় বাসিন্দারা বলেন, দ্রুত সমাধান না হলে দুর্ভোগ আরও বাড়বে। এ বিষয়ে মন্ত্রণালয়ের পক্ষ থেকে একটি বিবৃতিও দেওয়া হয়েছে।
দেশের বিভিন্ন স্থানে গতকালও এ বিষয়ে আলোচনা হয়েছে বলে জানা গেছে। সংশ্লিষ্ট কর্মকর্তারা জানান, পরিস্থিতি পর্যবেক্ষণ করা হচ্ছে এবং প্রয়োজনীয় ব্যবস্থা গ্রহণ করা হবে। স্থানীয় বাসিন্দারা বলেন, দ্রুত সমাধান না হলে দুর্ভোগ আরও বাড়বে। এ বিষয়ে মন্ত্রণালয়ের পক্ষ থেকে একটি বিবৃতিও দেওয়া হয়েছে।
দেশের বিভিন্ন স্থানে গতকালও এ বিষয়ে আলোচনা হয়েছে বলে জানা গেছে। সংশ্লিষ্ট কর্মকর্তারা জানান, পরিস্থিতি পর্যবেক্ষণ করা হচ্ছে এবং প্রয়োজনীয় ব্যবস্থা গ্রহণ করা হবে। স্থানীয় বাসিন্দারা বলেন, দ্রুত সমাধান না হলে দুর্ভোগ আরও বাড়বে। এ বিষয়ে মন্ত্রণালয়ের পক্ষ থেকে একটি বিবৃতিও দেওয়া হয়েছে।
দেশের বিভিন্ন স্থানে গতকালও এ বিষয়ে আলোচনা হয়েছে বলে জানা গেছে। সংশ্লিষ্ট কর্মকর্তারা জানান, পরিস্থিতি পর্যবেক্ষণ করা হচ্ছে এবং প্রয়োজনীয় ব্যবস্থা গ্রহণ করা হবে। স্থানীয় বাসিন্দারা বলেন, দ্রুত সমাধান না হলে দুর্ভোগ আরও বাড়বে। এ বিষয়ে মন্ত্রণালয়ের পক্ষ থেকে একটি বিবৃতিও দেওয়া হয়েছে।
চীনকে মোকাবিলায় দীর্ঘ পাল্লার
শেষ পাতার পর
দেশের বিভিন্ন স্থানে গতকালও এ বিষয়ে আলোচনা হয়েছে বলে জানা গেছে। সংশ্লিষ্ট কর্মকর্তারা জানান, পরিস্থিতি পর্যবেক্ষণ করা হচ্ছে এবং প্রয়োজনীয় ব্যবস্থা গ্রহণ করা হবে। স্থানীয় বাসিন্দারা বলেন, দ্রুত সমাধান না হলে দুর্ভোগ আরও বাড়বে। এ বিষয়ে মন্ত্রণালয়ের পক্ষ থেকে একটি বিবৃতিও দেওয়া হয়েছে।
দেশের বিভিন্ন স্থানে গতকালও এ বিষয়ে আলোচনা হয়েছে বলে জানা গেছে। সংশ্লিষ্ট কর্মকর্তারা জানান, পরিস্থিতি পর্যবেক্ষণ করা হচ্ছে এবং প্রয়োজনীয় ব্যবস্থা গ্রহণ করা হবে। স্থানীয় বাসিন্দারা বলেন, দ্রুত সমাধান না হলে দুর্ভোগ আরও বাড়বে। এ বিষয়ে মন্ত্রণালয়ের পক্ষ থেকে একটি বিবৃতিও দেওয়া হয়েছে।
কক্সবাজারে ট্রলার ডুবিতে মৃত্যু
১ম পাতার পর
দেশের বিভিন্ন স্থানে গতকালও এ বিষয়ে আলোচনা হয়েছে বলে জানা গেছে। সংশ্লিষ্ট কর্মকর্তারা জানান, পরিস্থিতি পর্যবেক্ষণ করা হচ্ছে এবং প্রয়োজনীয় ব্যবস্থা গ্রহণ করা হবে। স্থানীয় বাসিন্দারা বলেন, দ্রুত সমাধান না হলে দুর্ভোগ আরও বাড়বে। এ বিষয়ে মন্ত্রণালয়ের পক্ষ থেকে একটি বিবৃতিও দেওয়া হয়েছে।
দেশের বিভিন্ন স্থানে গতকালও এ বিষয়ে আলোচনা হয়েছে বলে জানা গেছে। সংশ্লিষ্ট কর্মকর্তারা জানান, পরিস্থিতি পর্যবেক্ষণ করা হচ্ছে এবং প্রয়োজনীয় ব্যবস্থা গ্রহণ করা হবে। স্থানীয় বাসিন্দারা বলেন, দ্রুত সমাধান না হলে দুর্ভোগ আরও বাড়বে। এ বিষয়ে মন্ত্রণালয়ের পক্ষ থেকে একটি বিবৃতিও দেওয়া হয়েছে।
স্বাধীনতা দিবসের আগে সতর্ক
১ম পাতার পর
দেশের বিভিন্ন স্থানে গতকালও এ বিষয়ে আলোচনা হয়েছে বলে জানা গেছে। সংশ্লিষ্ট কর্মকর্তারা জানান, পরিস্থিতি পর্যবেক্ষণ করা হচ্ছে এবং প্রয়োজনীয় ব্যবস্থা গ্রহণ করা হবে। স্থানীয় বাসিন্দারা বলেন, দ্রুত সমাধান না হলে দুর্ভোগ আরও বাড়বে। এ বিষয়ে মন্ত্রণালয়ের পক্ষ থেকে একটি বিবৃতিও দেওয়া হয়েছে।
দেশের বিভিন্ন স্থানে গতকালও এ বিষয়ে আলোচনা হয়েছে বলে জানা গেছে। সংশ্লিষ্ট কর্মকর্তারা জানান, পরিস্থিতি পর্যবেক্ষণ করা হচ্ছে এবং প্রয়োজনীয় ব্যবস্থা গ্রহণ করা হবে। স্থানীয় বাসিন্দারা বলেন, দ্রুত সমাধান না হলে দুর্ভোগ আরও বাড়বে। এ বিষয়ে মন্ত্রণালয়ের পক্ষ থেকে একটি বিবৃতিও দেওয়া হয়েছে।
